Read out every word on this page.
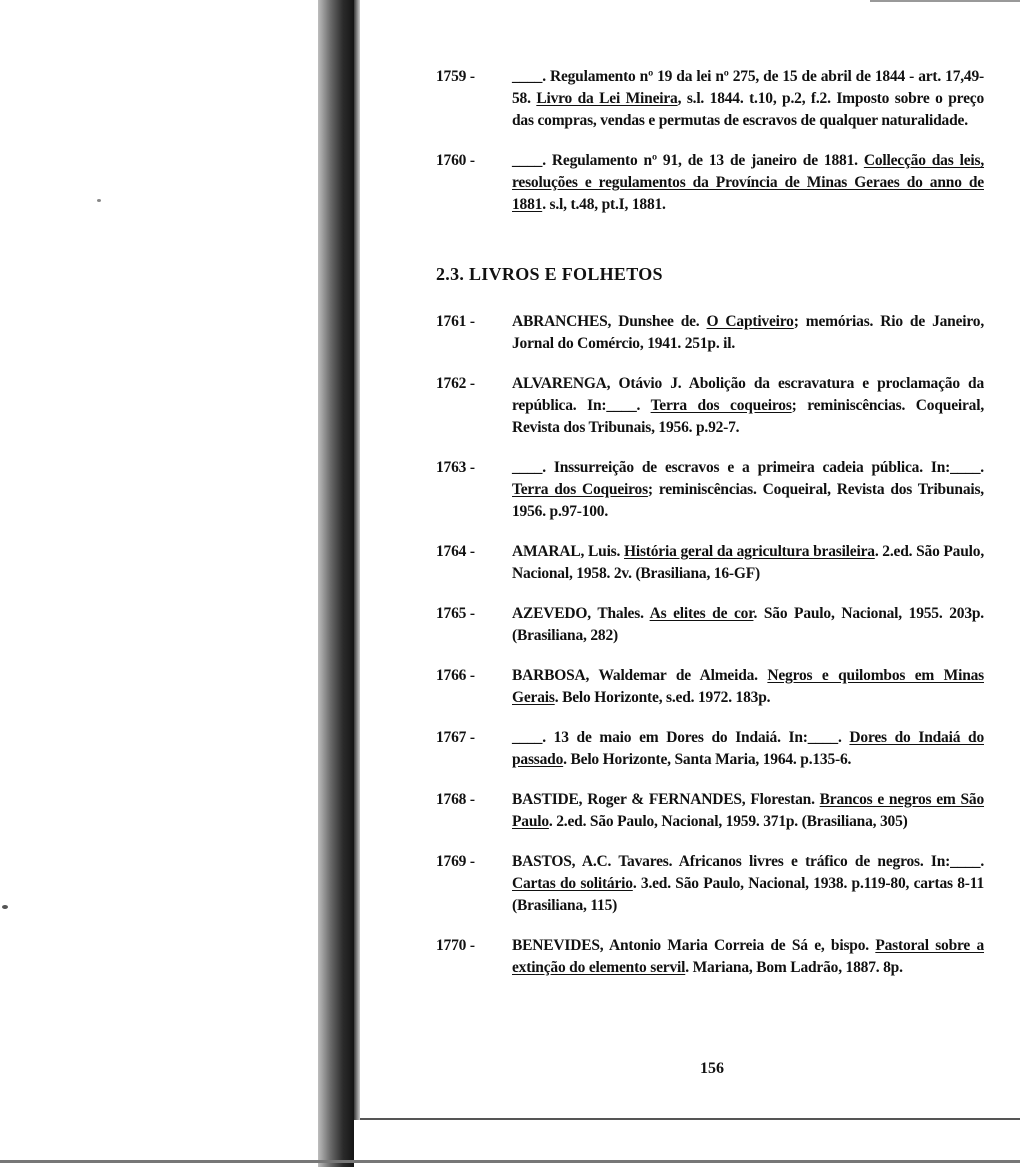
1759 -	____. Regulamento nº 19 da lei nº 275, de 15 de abril de 1844 - art. 17,49-58. Livro da Lei Mineira, s.l. 1844. t.10, p.2, f.2. Imposto sobre o preço das compras, vendas e permutas de escravos de qualquer naturalidade.
1760 -	____. Regulamento nº 91, de 13 de janeiro de 1881. Collecção das leis, resoluções e regulamentos da Província de Minas Geraes do anno de 1881. s.l, t.48, pt.I, 1881.
2.3. LIVROS E FOLHETOS
1761 -	ABRANCHES, Dunshee de. O Captiveiro; memórias. Rio de Janeiro, Jornal do Comércio, 1941. 251p. il.
1762 -	ALVARENGA, Otávio J. Abolição da escravatura e proclamação da república. In:____. Terra dos coqueiros; reminiscências. Coqueiral, Revista dos Tribunais, 1956. p.92-7.
1763 -	____. Inssurreição de escravos e a primeira cadeia pública. In:____. Terra dos Coqueiros; reminiscências. Coqueiral, Revista dos Tribunais, 1956. p.97-100.
1764 -	AMARAL, Luis. História geral da agricultura brasileira. 2.ed. São Paulo, Nacional, 1958. 2v. (Brasiliana, 16-GF)
1765 -	AZEVEDO, Thales. As elites de cor. São Paulo, Nacional, 1955. 203p. (Brasiliana, 282)
1766 -	BARBOSA, Waldemar de Almeida. Negros e quilombos em Minas Gerais. Belo Horizonte, s.ed. 1972. 183p.
1767 -	____. 13 de maio em Dores do Indaiá. In:____. Dores do Indaiá do passado. Belo Horizonte, Santa Maria, 1964. p.135-6.
1768 -	BASTIDE, Roger & FERNANDES, Florestan. Brancos e negros em São Paulo. 2.ed. São Paulo, Nacional, 1959. 371p. (Brasiliana, 305)
1769 -	BASTOS, A.C. Tavares. Africanos livres e tráfico de negros. In:____. Cartas do solitário. 3.ed. São Paulo, Nacional, 1938. p.119-80, cartas 8-11 (Brasiliana, 115)
1770 -	BENEVIDES, Antonio Maria Correia de Sá e, bispo. Pastoral sobre a extinção do elemento servil. Mariana, Bom Ladrão, 1887. 8p.
156
